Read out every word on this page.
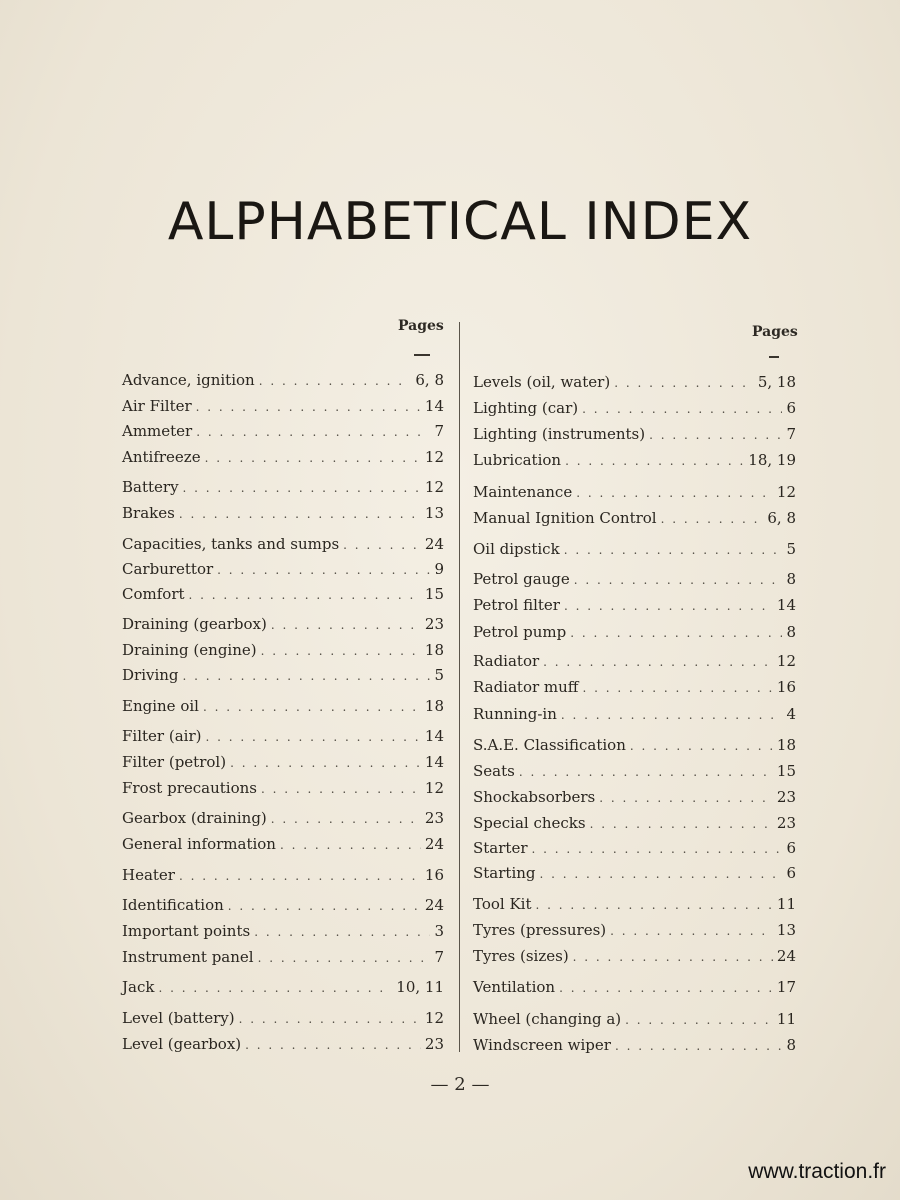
ALPHABETICAL INDEX
Pages
Advance, ignition . . .	6, 8
Air Filter . . .	14
Ammeter . . .	7
Antifreeze . . .	12
Battery . . .	12
Brakes . . .	13
Capacities, tanks and sumps . . .	24
Carburettor . . .	9
Comfort . . .	15
Draining (gearbox) . . .	23
Draining (engine) . . .	18
Driving . . .	5
Engine oil . . .	18
Filter (air) . . .	14
Filter (petrol) . . .	14
Frost precautions . . .	12
Gearbox (draining) . . .	23
General information . . .	24
Heater . . .	16
Identification . . .	24
Important points . . .	3
Instrument panel . . .	7
Jack . . .	10, 11
Level (battery) . . .	12
Level (gearbox) . . .	23
Pages
Levels (oil, water) . . .	5, 18
Lighting (car) . . .	6
Lighting (instruments) . . .	7
Lubrication . . .	18, 19
Maintenance . . .	12
Manual Ignition Control . . .	6, 8
Oil dipstick . . .	5
Petrol gauge . . .	8
Petrol filter . . .	14
Petrol pump . . .	8
Radiator . . .	12
Radiator muff . . .	16
Running-in . . .	4
S.A.E. Classification . . .	18
Seats . . .	15
Shockabsorbers . . .	23
Special checks . . .	23
Starter . . .	6
Starting . . .	6
Tool Kit . . .	11
Tyres (pressures) . . .	13
Tyres (sizes) . . .	24
Ventilation . . .	17
Wheel (changing a) . . .	11
Windscreen wiper . . .	8
— 2 —
www.traction.fr
